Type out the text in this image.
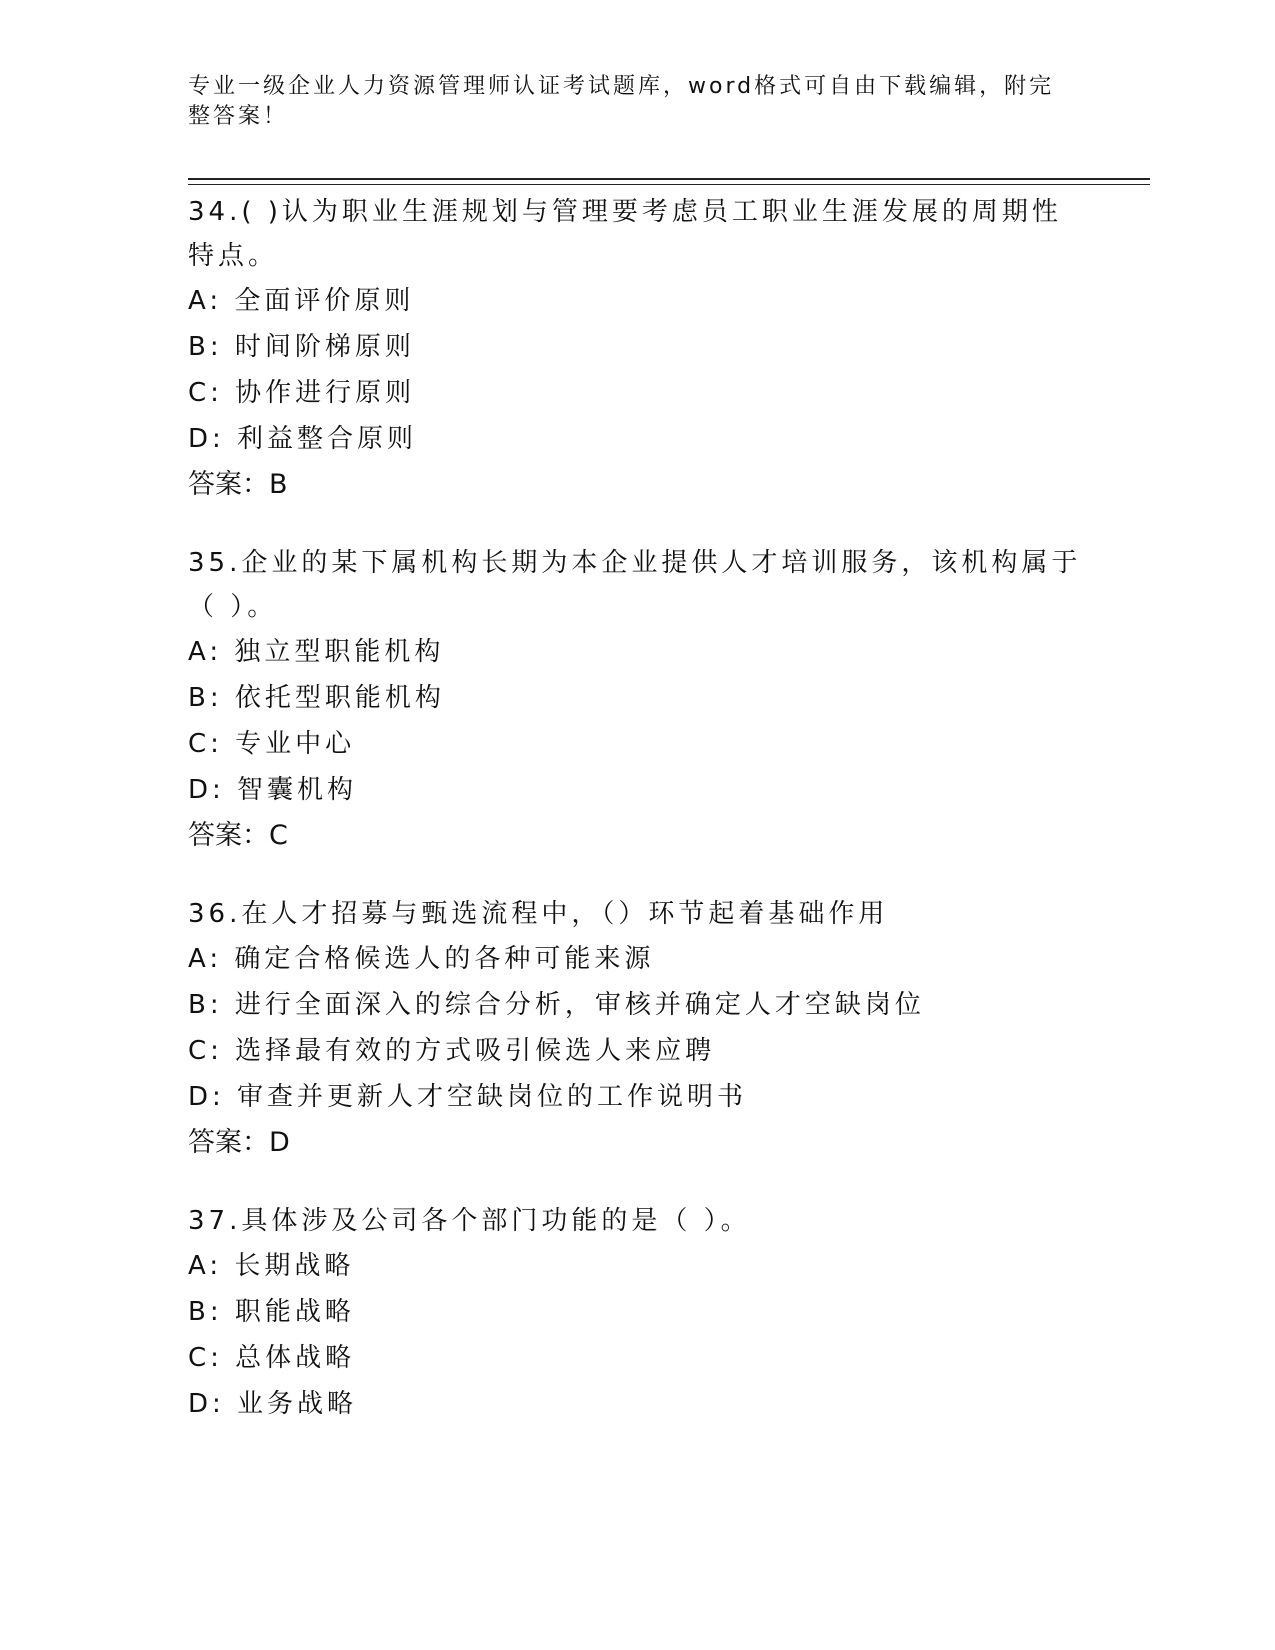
专业一级企业人力资源管理师认证考试题库，word格式可自由下载编辑，附完整答案！
34.( )认为职业生涯规划与管理要考虑员工职业生涯发展的周期性特点。
A: 全面评价原则
B: 时间阶梯原则
C: 协作进行原则
D: 利益整合原则
答案：B
35.企业的某下属机构长期为本企业提供人才培训服务，该机构属于（ ）。
A: 独立型职能机构
B: 依托型职能机构
C: 专业中心
D: 智囊机构
答案：C
36.在人才招募与甄选流程中，（）环节起着基础作用
A: 确定合格候选人的各种可能来源
B: 进行全面深入的综合分析，审核并确定人才空缺岗位
C: 选择最有效的方式吸引候选人来应聘
D: 审查并更新人才空缺岗位的工作说明书
答案：D
37.具体涉及公司各个部门功能的是（ ）。
A: 长期战略
B: 职能战略
C: 总体战略
D: 业务战略
